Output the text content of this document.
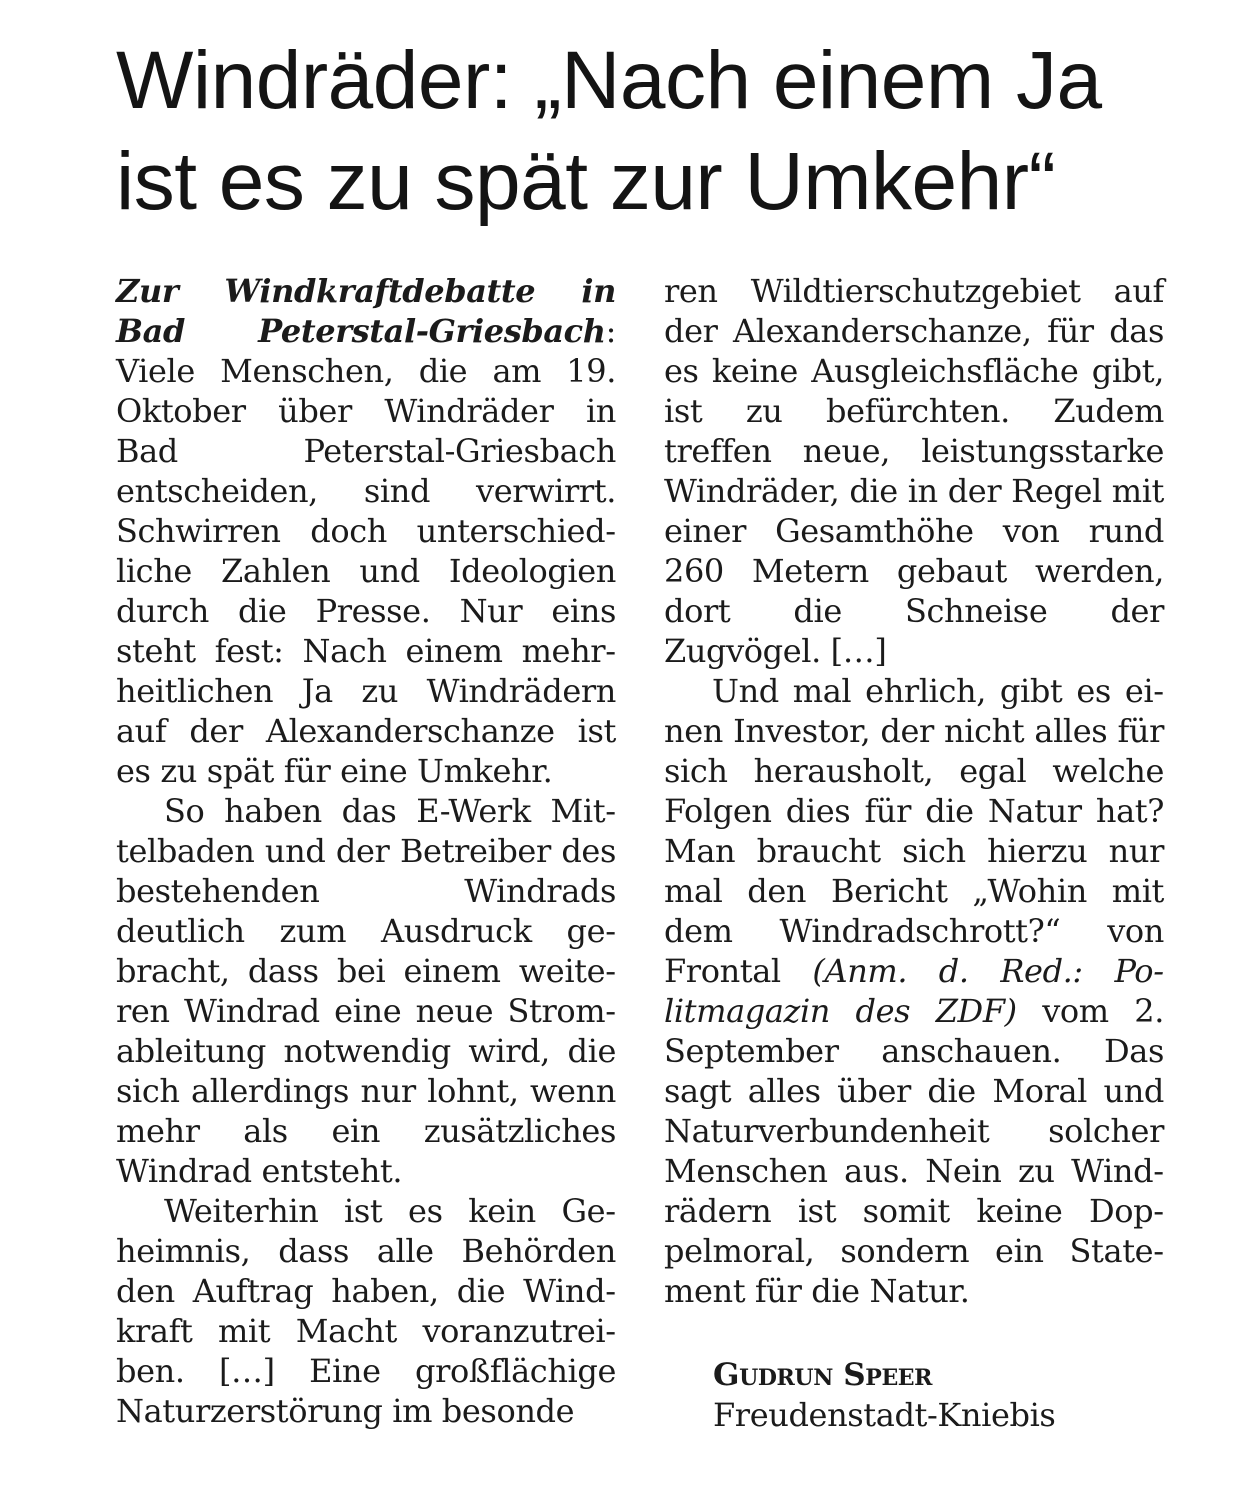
Windräder: „Nach einem Ja
ist es zu spät zur Umkehr“

Zur Windkraftdebatte in Bad Peterstal-Griesbach: Viele Menschen, die am 19. Oktober über Windräder in Bad Peterstal-Griesbach entscheiden, sind verwirrt. Schwirren doch unterschiedliche Zahlen und Ideologien durch die Presse. Nur eins steht fest: Nach einem mehrheitlichen Ja zu Windrädern auf der Alexanderschanze ist es zu spät für eine Umkehr.

So haben das E-Werk Mittelbaden und der Betreiber des bestehenden Windrads deutlich zum Ausdruck gebracht, dass bei einem weiteren Windrad eine neue Stromableitung notwendig wird, die sich allerdings nur lohnt, wenn mehr als ein zusätzliches Windrad entsteht.

Weiterhin ist es kein Geheimnis, dass alle Behörden den Auftrag haben, die Windkraft mit Macht voranzutreiben. […] Eine großflächige Naturzerstörung im besonde

ren Wildtierschutzgebiet auf der Alexanderschanze, für das es keine Ausgleichsfläche gibt, ist zu befürchten. Zudem treffen neue, leistungsstarke Windräder, die in der Regel mit einer Gesamthöhe von rund 260 Metern gebaut werden, dort die Schneise der Zugvögel. […]

Und mal ehrlich, gibt es einen Investor, der nicht alles für sich herausholt, egal welche Folgen dies für die Natur hat? Man braucht sich hierzu nur mal den Bericht „Wohin mit dem Windradschrott?“ von Frontal (Anm. d. Red.: Politmagazin des ZDF) vom 2. September anschauen. Das sagt alles über die Moral und Naturverbundenheit solcher Menschen aus. Nein zu Windrädern ist somit keine Doppelmoral, sondern ein Statement für die Natur.

Gudrun Speer
Freudenstadt-Kniebis
